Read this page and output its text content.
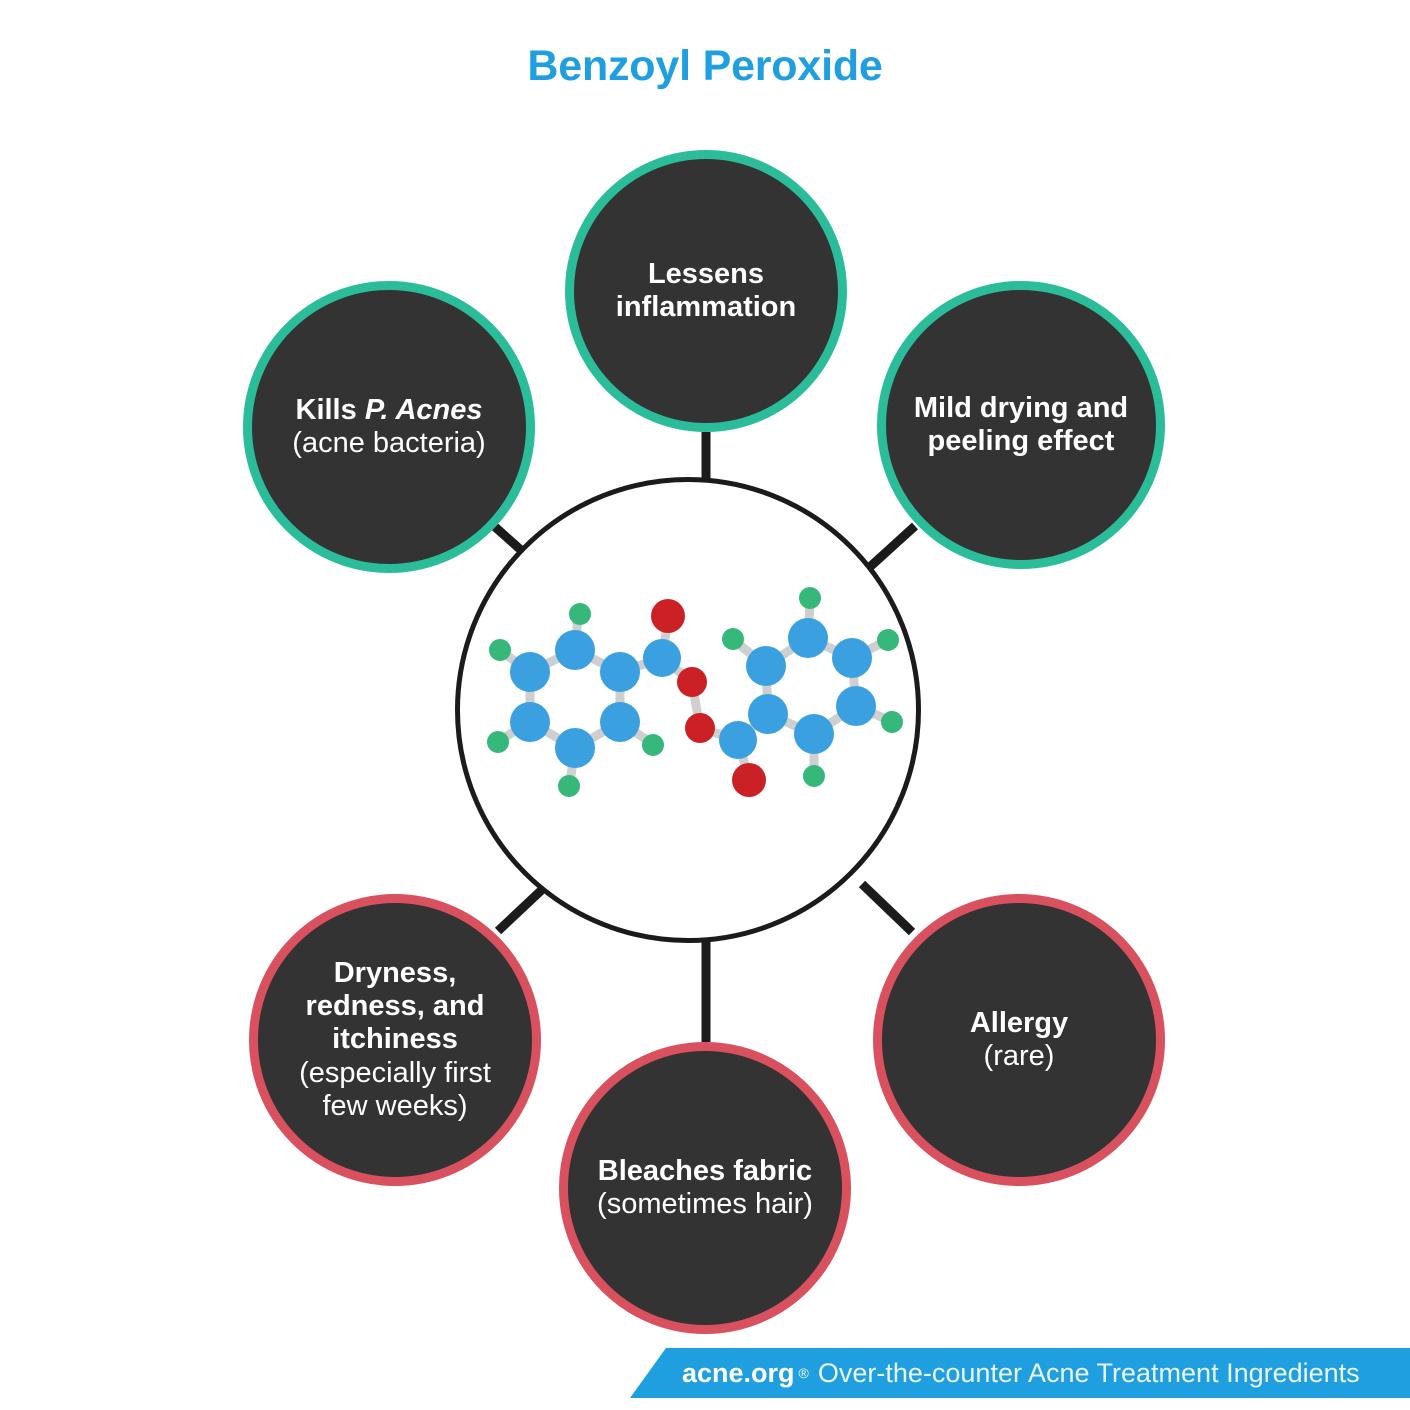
Benzoyl Peroxide
Lessens
inflammation
Kills P. Acnes
(acne bacteria)
Mild drying and
peeling effect
Dryness,
redness, and
itchiness
(especially first
few weeks)
Bleaches fabric
(sometimes hair)
Allergy
(rare)
acne.org ® Over-the-counter Acne Treatment Ingredients
